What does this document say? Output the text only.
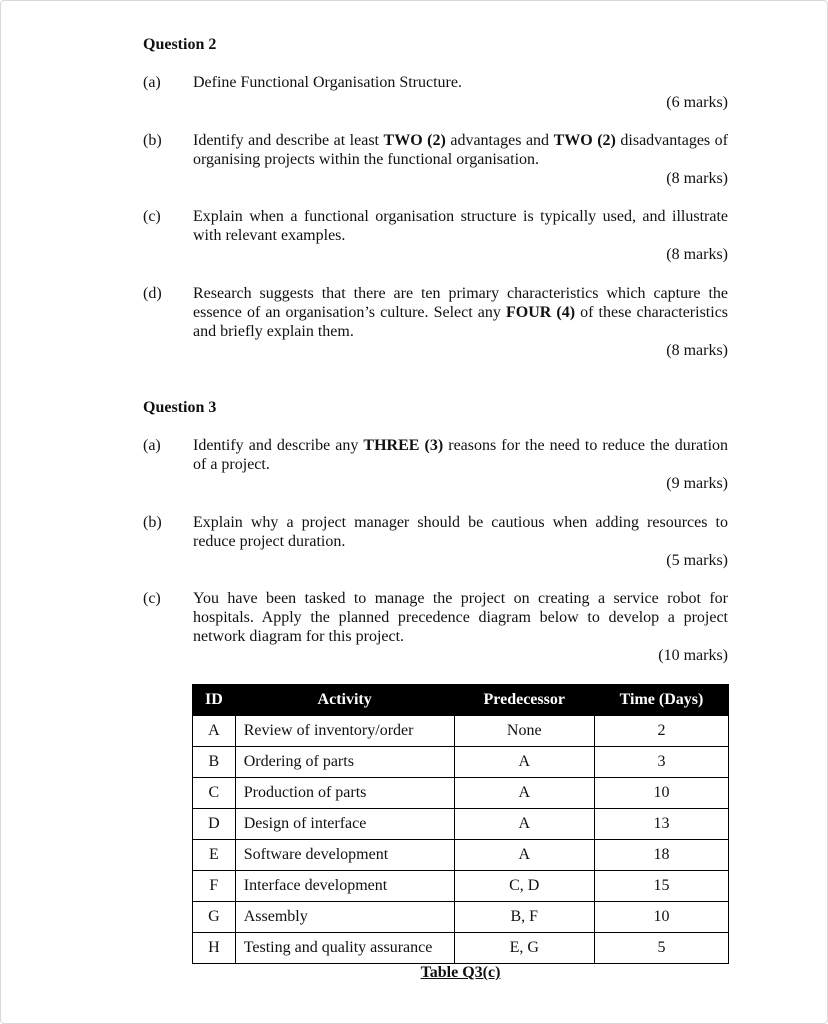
Question 2
(a) Define Functional Organisation Structure.
(6 marks)
(b) Identify and describe at least TWO (2) advantages and TWO (2) disadvantages of organising projects within the functional organisation.
(8 marks)
(c) Explain when a functional organisation structure is typically used, and illustrate with relevant examples.
(8 marks)
(d) Research suggests that there are ten primary characteristics which capture the essence of an organisation’s culture. Select any FOUR (4) of these characteristics and briefly explain them.
(8 marks)
Question 3
(a) Identify and describe any THREE (3) reasons for the need to reduce the duration of a project.
(9 marks)
(b) Explain why a project manager should be cautious when adding resources to reduce project duration.
(5 marks)
(c) You have been tasked to manage the project on creating a service robot for hospitals. Apply the planned precedence diagram below to develop a project network diagram for this project.
(10 marks)
ID	Activity	Predecessor	Time (Days)
A	Review of inventory/order	None	2
B	Ordering of parts	A	3
C	Production of parts	A	10
D	Design of interface	A	13
E	Software development	A	18
F	Interface development	C, D	15
G	Assembly	B, F	10
H	Testing and quality assurance	E, G	5
Table Q3(c)
